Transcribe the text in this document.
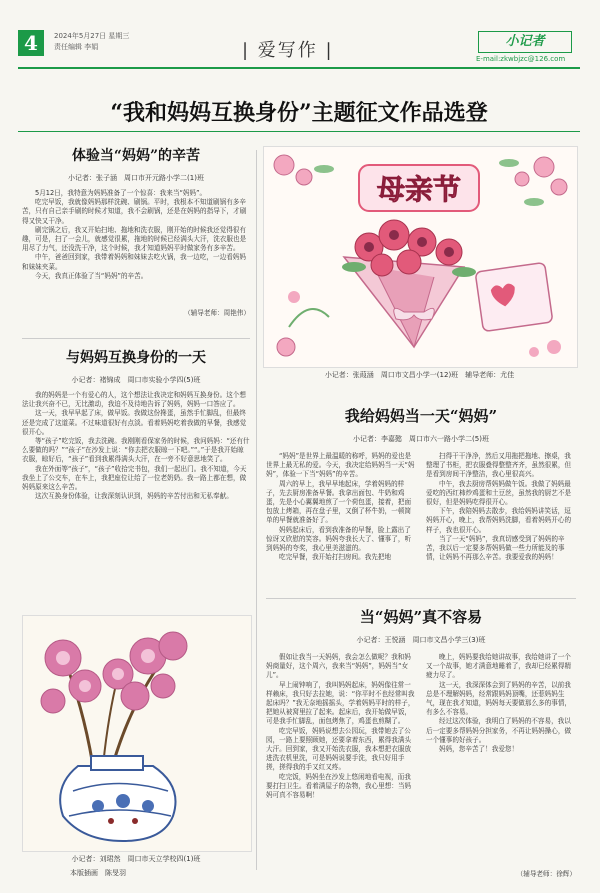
4	2024年5月27日 星期三
责任编辑 李娟	| 爱写作 |	小记者
E-mail:zkwbjzc@126.com
“我和妈妈互换身份”主题征文作品选登
体验当“妈妈”的辛苦
小记者：张子涵　周口市开元路小学二(1)班

5月12日，我特意为妈妈准备了一个惊喜：我来当“妈妈”。

吃完早饭，我就像妈妈那样洗碗、刷锅。平时，我根本不知道刷锅有多辛苦，只有自己亲手刷的时候才知道，我不会刷锅，还是在妈妈的指导下，才刷得又快又干净。

刷完锅之后，我又开始扫地、拖地和洗衣服，刚开始的时候我还觉得很有趣，可是，扫了一会儿，就感觉很累，拖地的时候已经满头大汗，洗衣服也是用尽了力气，还没洗干净，这个时候，我才知道妈妈平时做家务有多辛苦。

中午，爸爸回到家，我带着妈妈和妹妹去吃火锅，我一边吃，一边看妈妈和妹妹夹菜。

今天，我真正体验了当“妈妈”的辛苦。

（辅导老师：周艳伟）
与妈妈互换身份的一天
小记者：褚锦成　周口市实验小学四(5)班

我的妈妈是一个有爱心的人，这个想法让我决定和妈妈互换身份。这个想法让我兴奋不已，无比激动，我迫不及待地告诉了妈妈，妈妈一口答应了。

这一天，我早早起了床，做早饭。我做这份搀蛋，虽然手忙脚乱，但最终还是完成了这道菜。不过味道很好有点淡。看着妈妈吃着我做的早餐，我感觉很开心。

等“孩子”吃完饭，我去洗碗。我刚刚看保家务的时候，我问妈妈：“还有什么要做的吗？”“孩子”在沙发上说：“你去把衣服晾一下吧。”“。”于是我开始晾衣服，晾好后，“孩子”看到我累得满头大汗，在一旁不好意思地笑了。

我在外面等“孩子”，“孩子”收拾完书包，我们一起出门。我不知道，今天我坐上了公交车，在车上，我把座位让给了一位老奶奶。我一路上都在想，做妈妈原来这么辛苦。

这次互换身份体验，让我深刻认识到，妈妈的辛苦付出和无私奉献。

小记者：刘珺然　周口市天立学校四(1)班
本版插画　陈旻羽
母亲节
小记者：张葭涵　周口市文昌小学一(12)班　辅导老师：尤佳
我给妈妈当一天“妈妈”
小记者：李嘉懿　周口市六一路小学二(5)班

“妈妈”是世界上最温暖的称呼，妈妈的爱也是世界上最无私的爱。今天，我决定给妈妈当一天“妈妈”，体验一下当“妈妈”的辛苦。

周六的早上，我早早地起床，学着妈妈的样子，先去厨房准备早餐。我拿出面包、牛奶和鸡蛋，先是小心翼翼地煎了一个荷包蛋，接着，把面包放上烤箱，再在盘子里，又倒了杯牛奶，一顿简单的早餐就准备好了。

妈妈起床后，看到我准备的早餐，脸上露出了惊讶又欣慰的笑容。妈妈夸我长大了、懂事了，听到妈妈的夸奖，我心里美滋滋的。

吃完早餐，我开始打扫房间。我先把地

扫得干干净净，然后又用拖把拖地、擦桌，我整理了书柜，把衣服叠得整整齐齐，虽然很累，但是看到房间干净整洁，我心里很高兴。

中午，我去厨房帮妈妈做午饭。我做了妈妈最爱吃的西红柿炒鸡蛋和土豆丝，虽然我的厨艺不是很好，但是妈妈吃得很开心。

下午，我陪妈妈去散步，我给妈妈讲笑话，逗妈妈开心，晚上，我帮妈妈洗脚，看着妈妈开心的样子，我也很开心。

当了一天“妈妈”，我真切感受到了妈妈的辛苦，我以后一定要多帮妈妈做一些力所能及的事情，让妈妈不再那么辛苦。我要爱我的妈妈！

当“妈妈”真不容易
小记者：王悦涵　周口市文昌小学三(3)班

假如让我当一天妈妈，我会怎么做呢？我和妈妈商量好，这个周六，我来当“妈妈”，妈妈当“女儿”。

早上闹钟响了，我叫妈妈起床，妈妈像往常一样赖床，我只好去拉她，说：“你平时不也经常叫我起床吗？”我无奈地摇摇头，学着妈妈平时的样子，把她从被窝里拉了起来。起床后，我开始做早饭，可是我手忙脚乱，面包烤焦了，鸡蛋也煎糊了。

吃完早饭，妈妈说想去公园玩，我带她去了公园，一路上要照顾她，还要拿着东西，累得我满头大汗。回到家，我又开始洗衣服，我本想把衣服放进洗衣机里洗，可是妈妈说要手洗，我只好用手搓，搓得我的手又红又疼。

吃完饭，妈妈坐在沙发上悠闲地看电视，而我要打扫卫生。看着满屋子的杂物，我心里想：当妈妈可真不容易啊！

晚上，妈妈要我给她讲故事，我给她讲了一个又一个故事，她才满意地睡着了，我却已经累得精疲力尽了。

这一天，我深深体会到了妈妈的辛苦，以前我总是不理解妈妈，经常跟妈妈顶嘴，还惹妈妈生气，现在我才知道，妈妈每天要做那么多的事情，有多么不容易。

经过这次体验，我明白了妈妈的不容易，我以后一定要多帮妈妈分担家务，不再让妈妈操心，做一个懂事的好孩子。

妈妈，您辛苦了！我爱您！

（辅导老师：徐辉）
